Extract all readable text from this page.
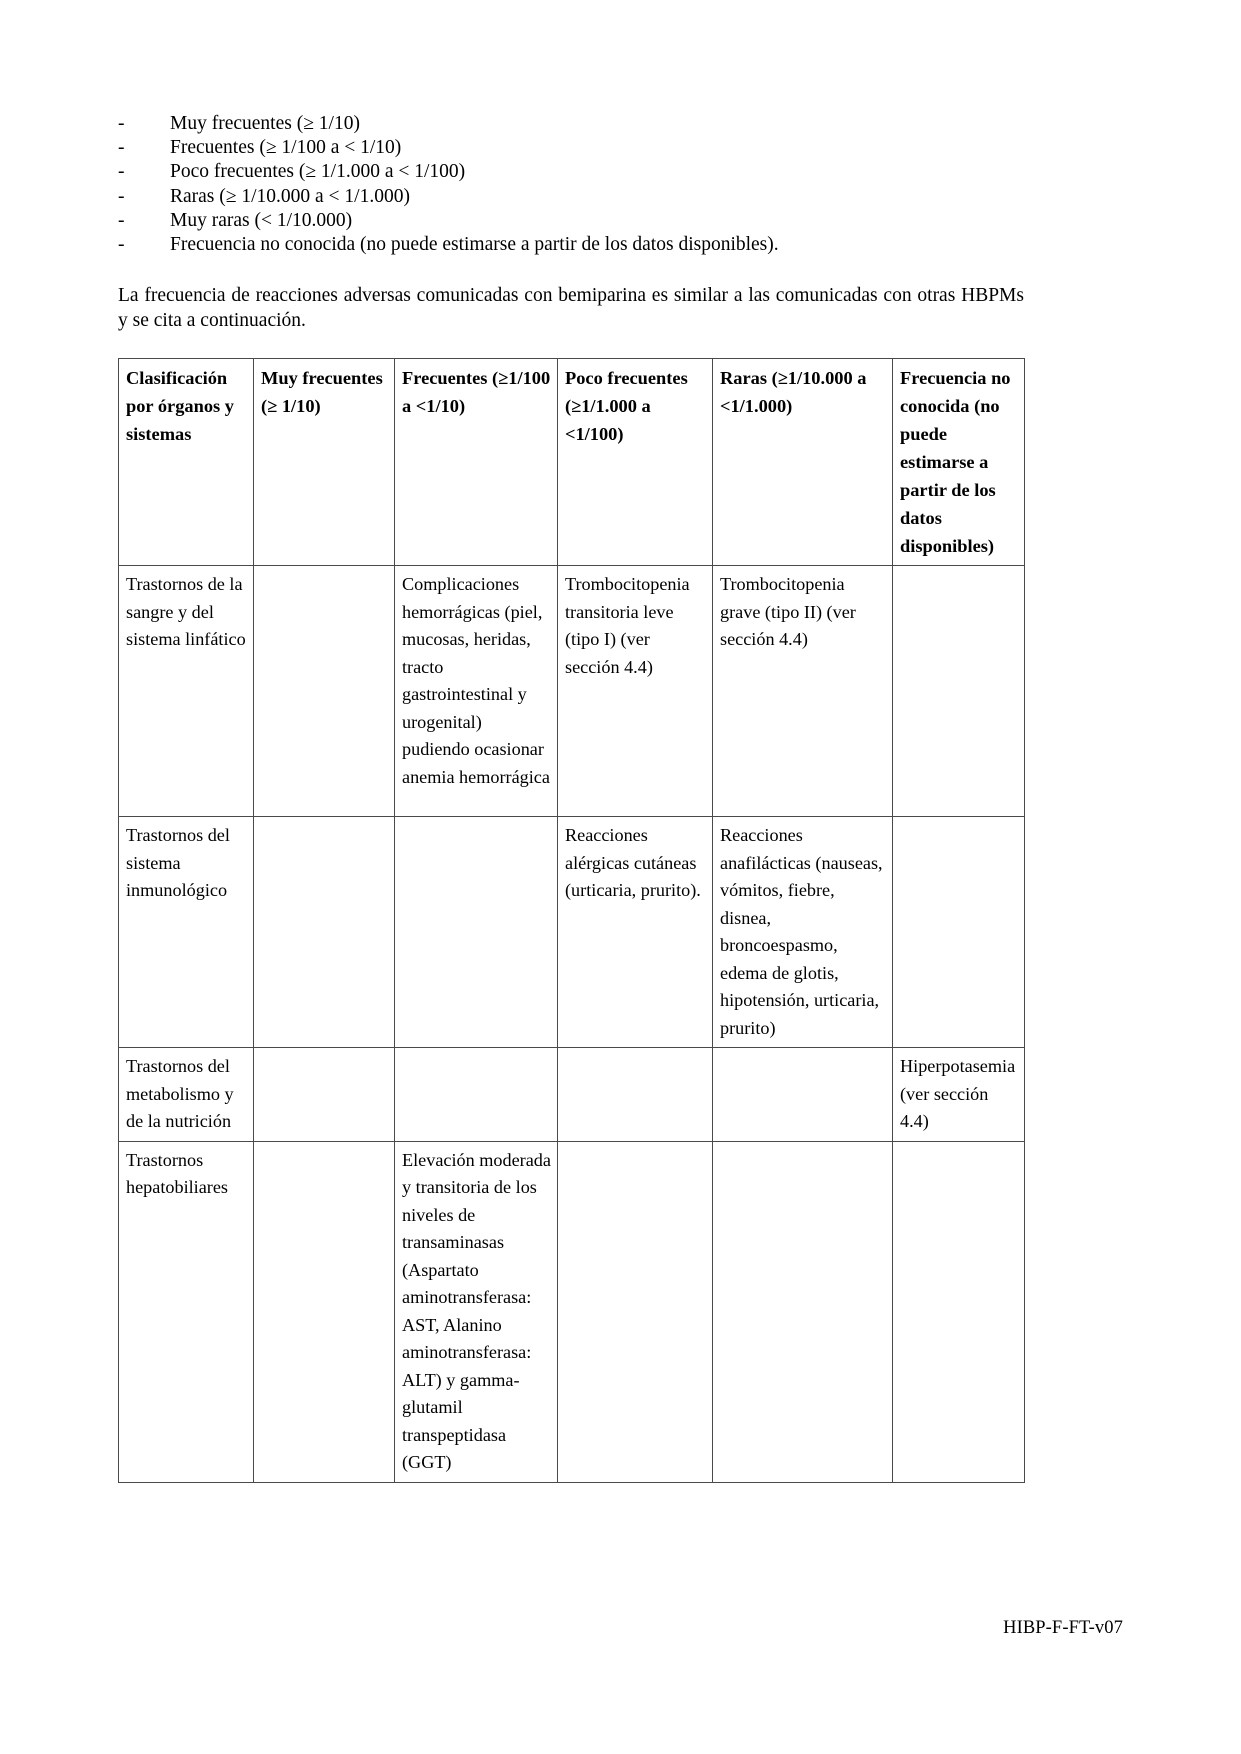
-	Muy frecuentes (≥ 1/10)
-	Frecuentes (≥ 1/100 a < 1/10)
-	Poco frecuentes (≥ 1/1.000 a < 1/100)
-	Raras (≥ 1/10.000 a < 1/1.000)
-	Muy raras (< 1/10.000)
-	Frecuencia no conocida (no puede estimarse a partir de los datos disponibles).

La frecuencia de reacciones adversas comunicadas con bemiparina es similar a las comunicadas con otras HBPMs y se cita a continuación.

Clasificación por órganos y sistemas	Muy frecuentes (≥ 1/10)	Frecuentes (≥1/100 a <1/10)	Poco frecuentes (≥1/1.000 a <1/100)	Raras (≥1/10.000 a <1/1.000)	Frecuencia no conocida (no puede estimarse a partir de los datos disponibles)
Trastornos de la sangre y del sistema linfático		Complicaciones hemorrágicas (piel, mucosas, heridas, tracto gastrointestinal y urogenital) pudiendo ocasionar anemia hemorrágica	Trombocitopenia transitoria leve (tipo I) (ver sección 4.4)	Trombocitopenia grave (tipo II) (ver sección 4.4)	
Trastornos del sistema inmunológico			Reacciones alérgicas cutáneas (urticaria, prurito).	Reacciones anafilácticas (nauseas, vómitos, fiebre, disnea, broncoespasmo, edema de glotis, hipotensión, urticaria, prurito)	
Trastornos del metabolismo y de la nutrición					Hiperpotasemia (ver sección 4.4)
Trastornos hepatobiliares		Elevación moderada y transitoria de los niveles de transaminasas (Aspartato aminotransferasa: AST, Alanino aminotransferasa: ALT) y gamma-glutamil transpeptidasa (GGT)			
HIBP-F-FT-v07
